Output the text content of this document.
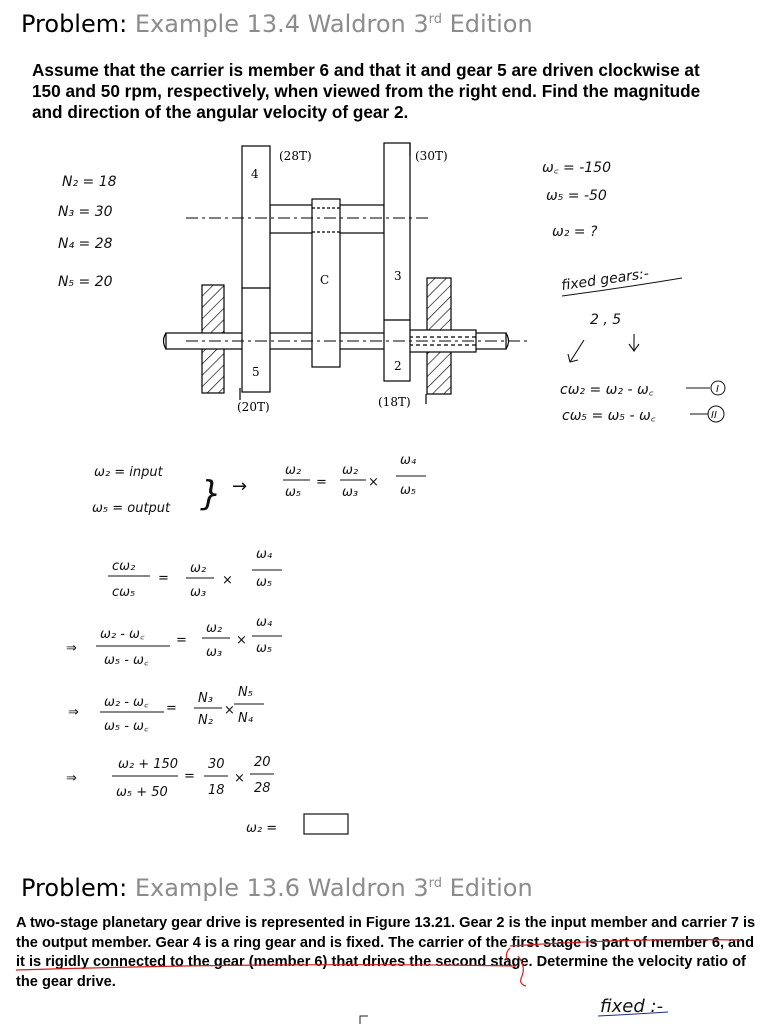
Problem: Example 13.4 Waldron 3rd Edition
Assume that the carrier is member 6 and that it and gear 5 are driven clockwise at 150 and 50 rpm, respectively, when viewed from the right end. Find the magnitude and direction of the angular velocity of gear 2.
Problem: Example 13.6 Waldron 3rd Edition
A two-stage planetary gear drive is represented in Figure 13.21. Gear 2 is the input member and carrier 7 is the output member. Gear 4 is a ring gear and is fixed. The carrier of the first stage is part of member 6, and it is rigidly connected to the gear (member 6) that drives the second stage. Determine the velocity ratio of the gear drive.
4
(28T)	(30T)
C	3
5	2
(20T)	(18T)
N₂ = 18
N₃ = 30
N₄ = 28
N₅ = 20
ω꜀ = -150
ω₅ = -50
ω₂ = ?
fixed gears:-
2 , 5
cω₂ = ω₂ - ω꜀	I
cω₅ = ω₅ - ω꜀	II
ω₂ = input
ω₅ = output } →
ω₂
ω₅
=
ω₂
ω₃
×
ω₄
ω₅
cω₂
cω₅
=
ω₂
ω₃
×
ω₄
ω₅
⇒
ω₂ - ω꜀
ω₅ - ω꜀
=
ω₂
ω₃
×
ω₄
ω₅
⇒
ω₂ - ω꜀
ω₅ - ω꜀
=
N₃
N₂
×
N₅
N₄
⇒
ω₂ + 150
ω₅ + 50
=
30
18
×
20
28
ω₂ =
fixed :-
